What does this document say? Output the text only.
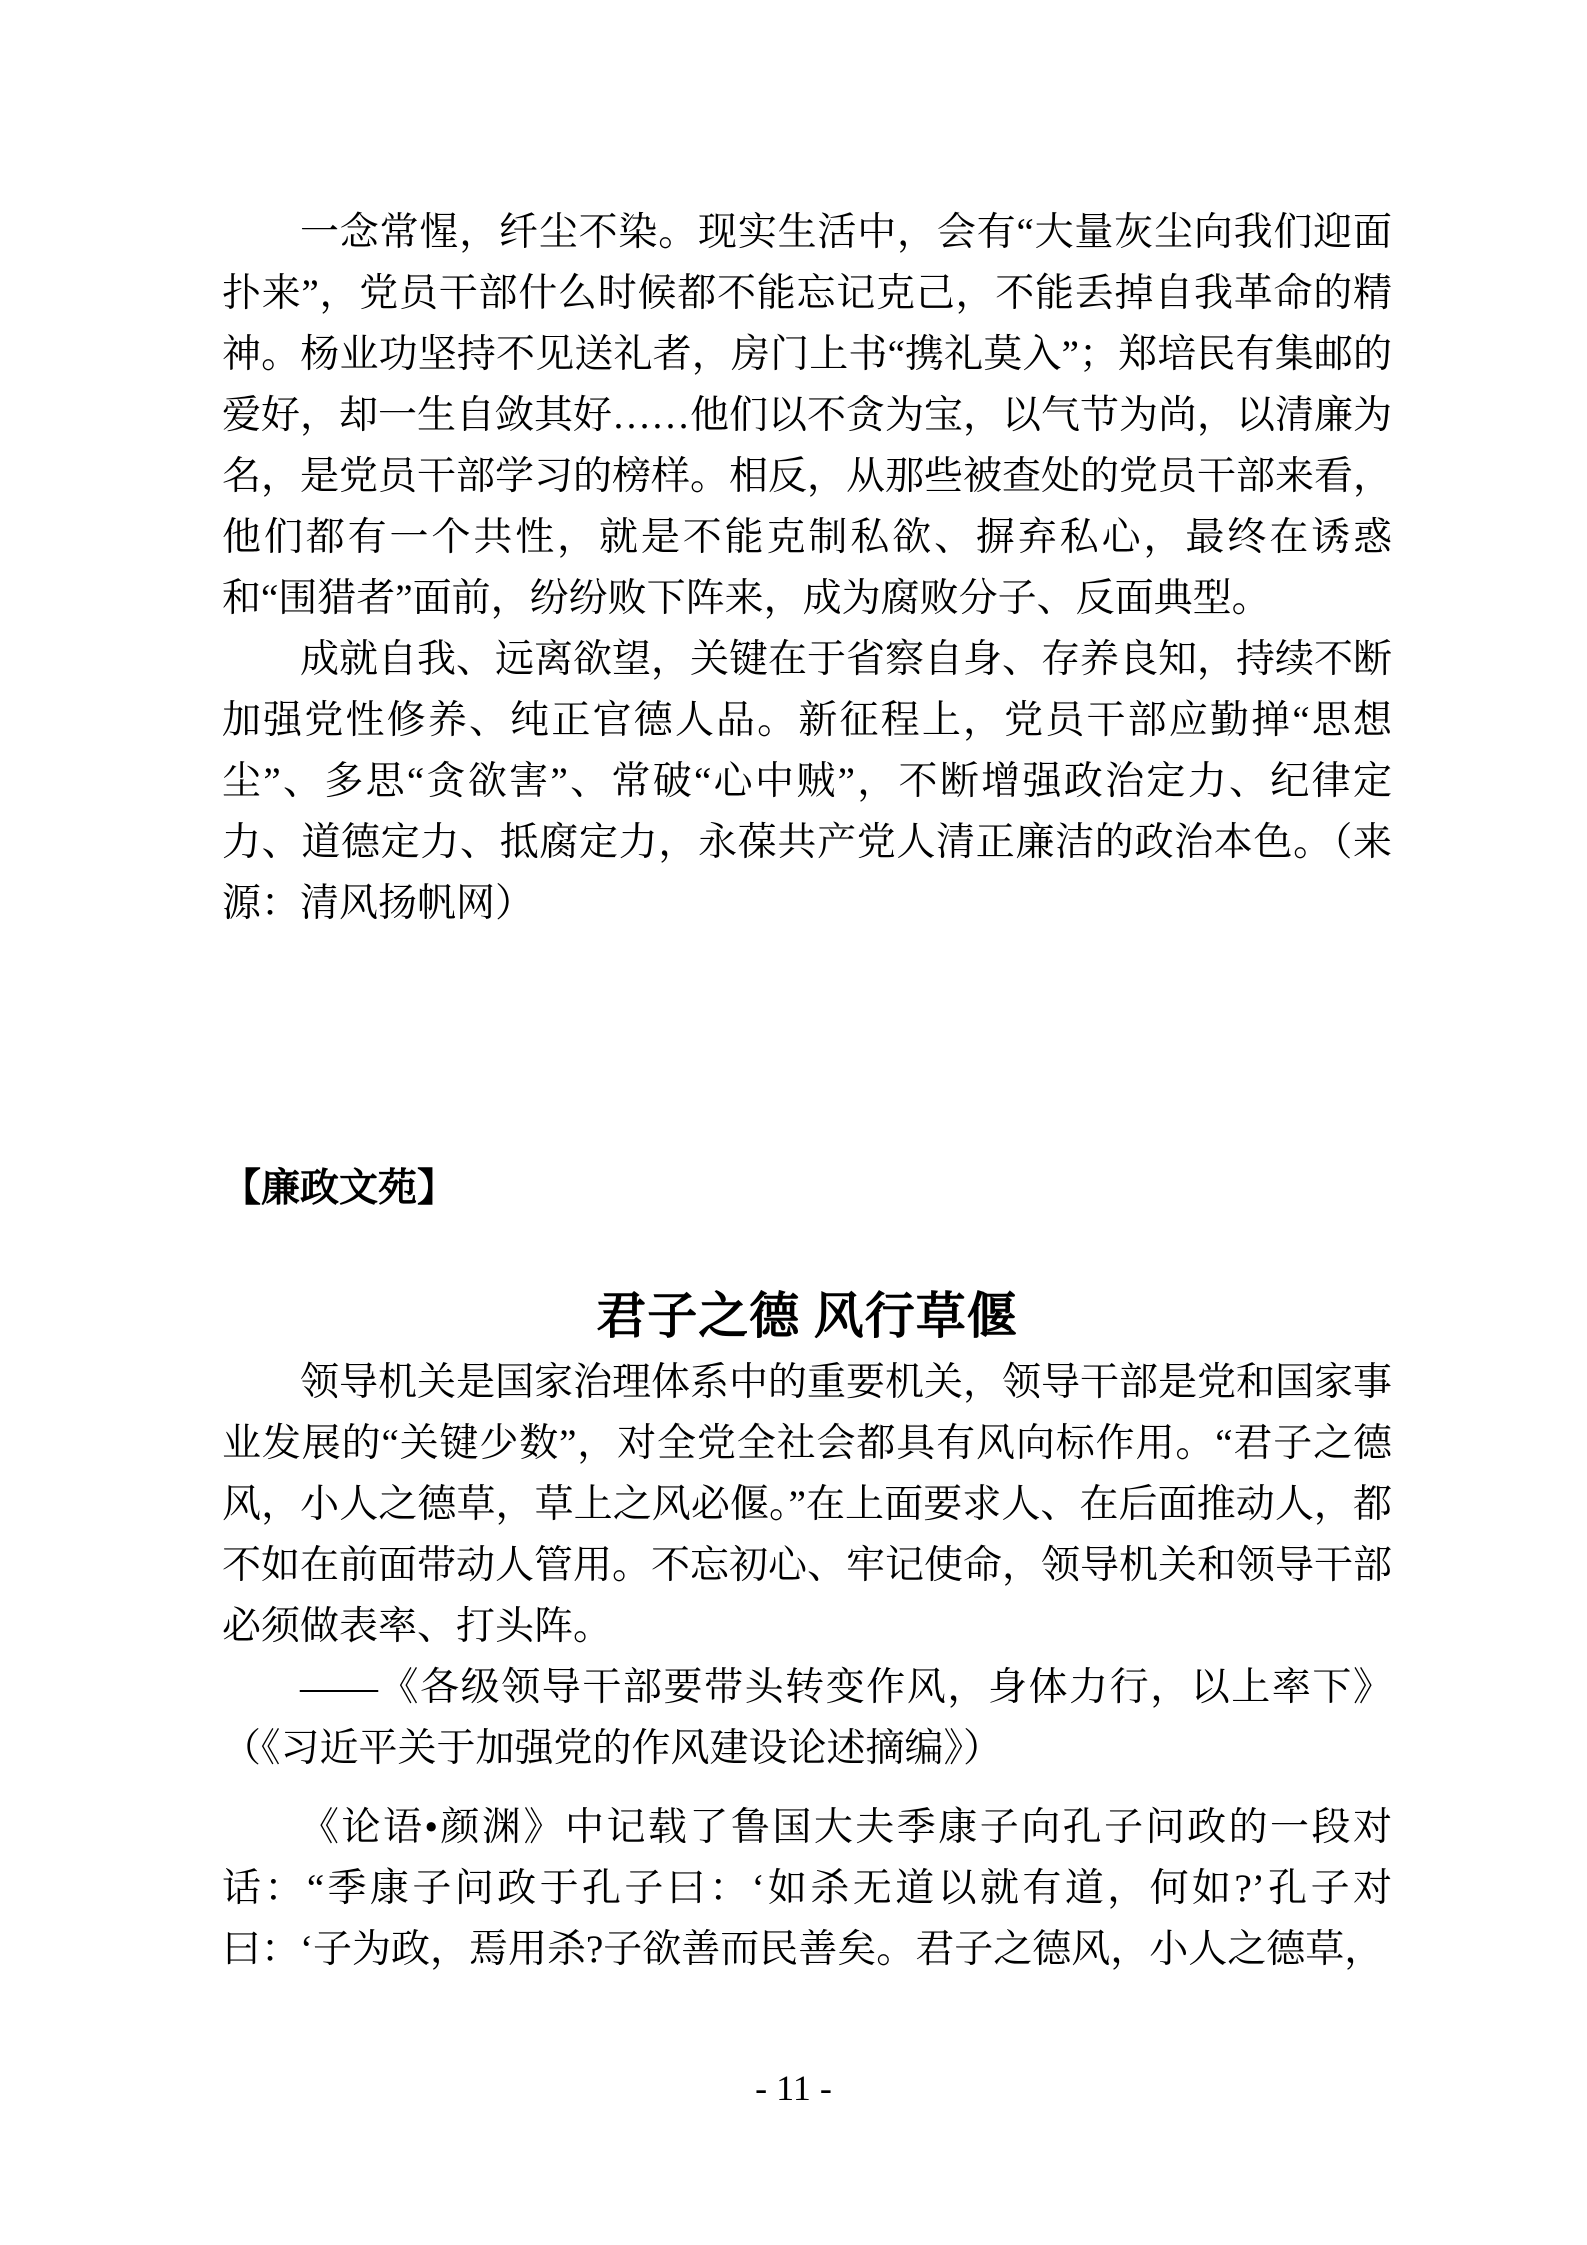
一念常惺，纤尘不染。现实生活中，会有“大量灰尘向我们迎面扑来”，党员干部什么时候都不能忘记克己，不能丢掉自我革命的精神。杨业功坚持不见送礼者，房门上书“携礼莫入”；郑培民有集邮的爱好，却一生自敛其好……他们以不贪为宝，以气节为尚，以清廉为名，是党员干部学习的榜样。相反，从那些被查处的党员干部来看，他们都有一个共性，就是不能克制私欲、摒弃私心，最终在诱惑和“围猎者”面前，纷纷败下阵来，成为腐败分子、反面典型。

成就自我、远离欲望，关键在于省察自身、存养良知，持续不断加强党性修养、纯正官德人品。新征程上，党员干部应勤掸“思想尘”、多思“贪欲害”、常破“心中贼”，不断增强政治定力、纪律定力、道德定力、抵腐定力，永葆共产党人清正廉洁的政治本色。（来源：清风扬帆网）

【廉政文苑】

君子之德 风行草偃

领导机关是国家治理体系中的重要机关，领导干部是党和国家事业发展的“关键少数”，对全党全社会都具有风向标作用。“君子之德风，小人之德草，草上之风必偃。”在上面要求人、在后面推动人，都不如在前面带动人管用。不忘初心、牢记使命，领导机关和领导干部必须做表率、打头阵。

——《各级领导干部要带头转变作风，身体力行，以上率下》（《习近平关于加强党的作风建设论述摘编》）

《论语•颜渊》中记载了鲁国大夫季康子向孔子问政的一段对话：“季康子问政于孔子曰：‘如杀无道以就有道，何如?’孔子对曰：‘子为政，焉用杀?子欲善而民善矣。君子之德风，小人之德草，

- 11 -
